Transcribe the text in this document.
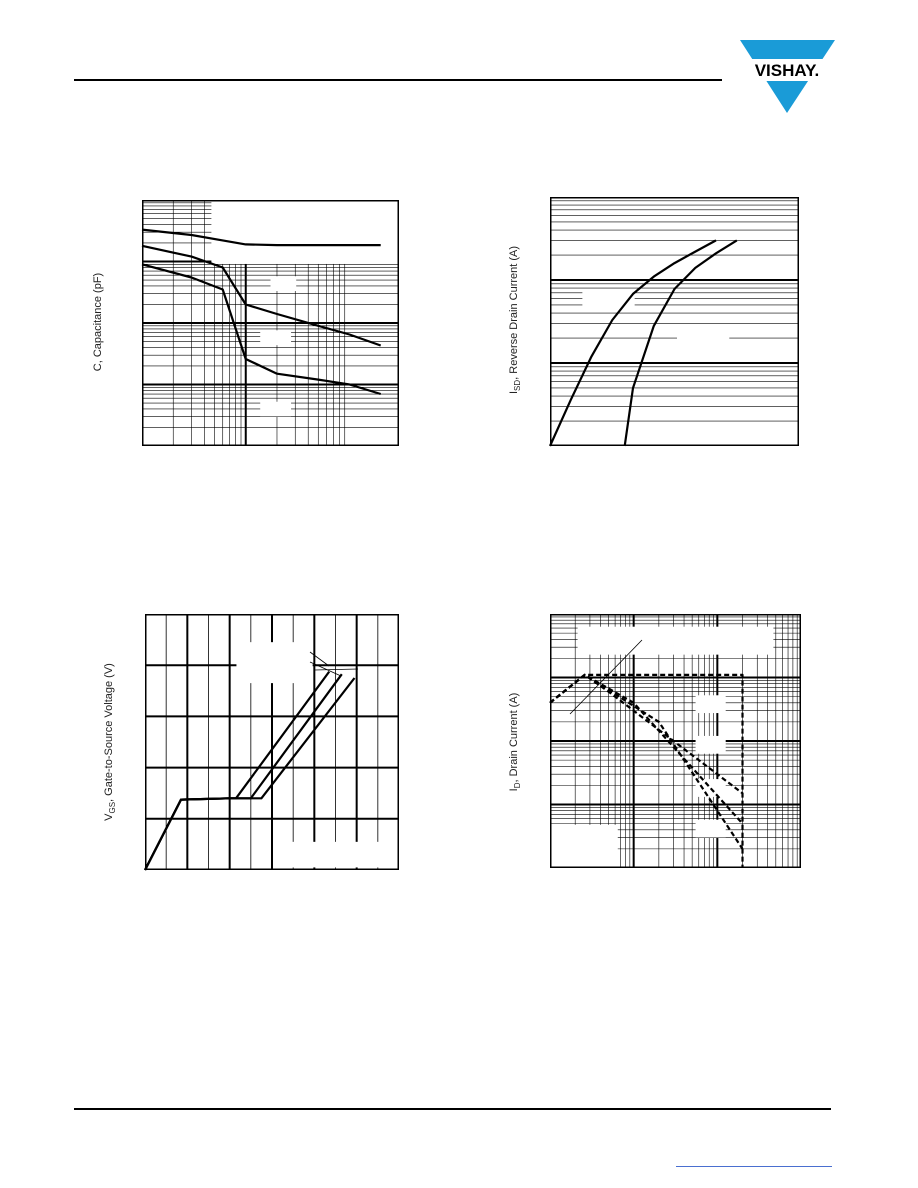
VISHAY.
C, Capacitance (pF)
$I_{SD}$, Reverse Drain Current (A)
$V_{GS}$, Gate-to-Source Voltage (V)	$I_D$, Drain Current (A)
